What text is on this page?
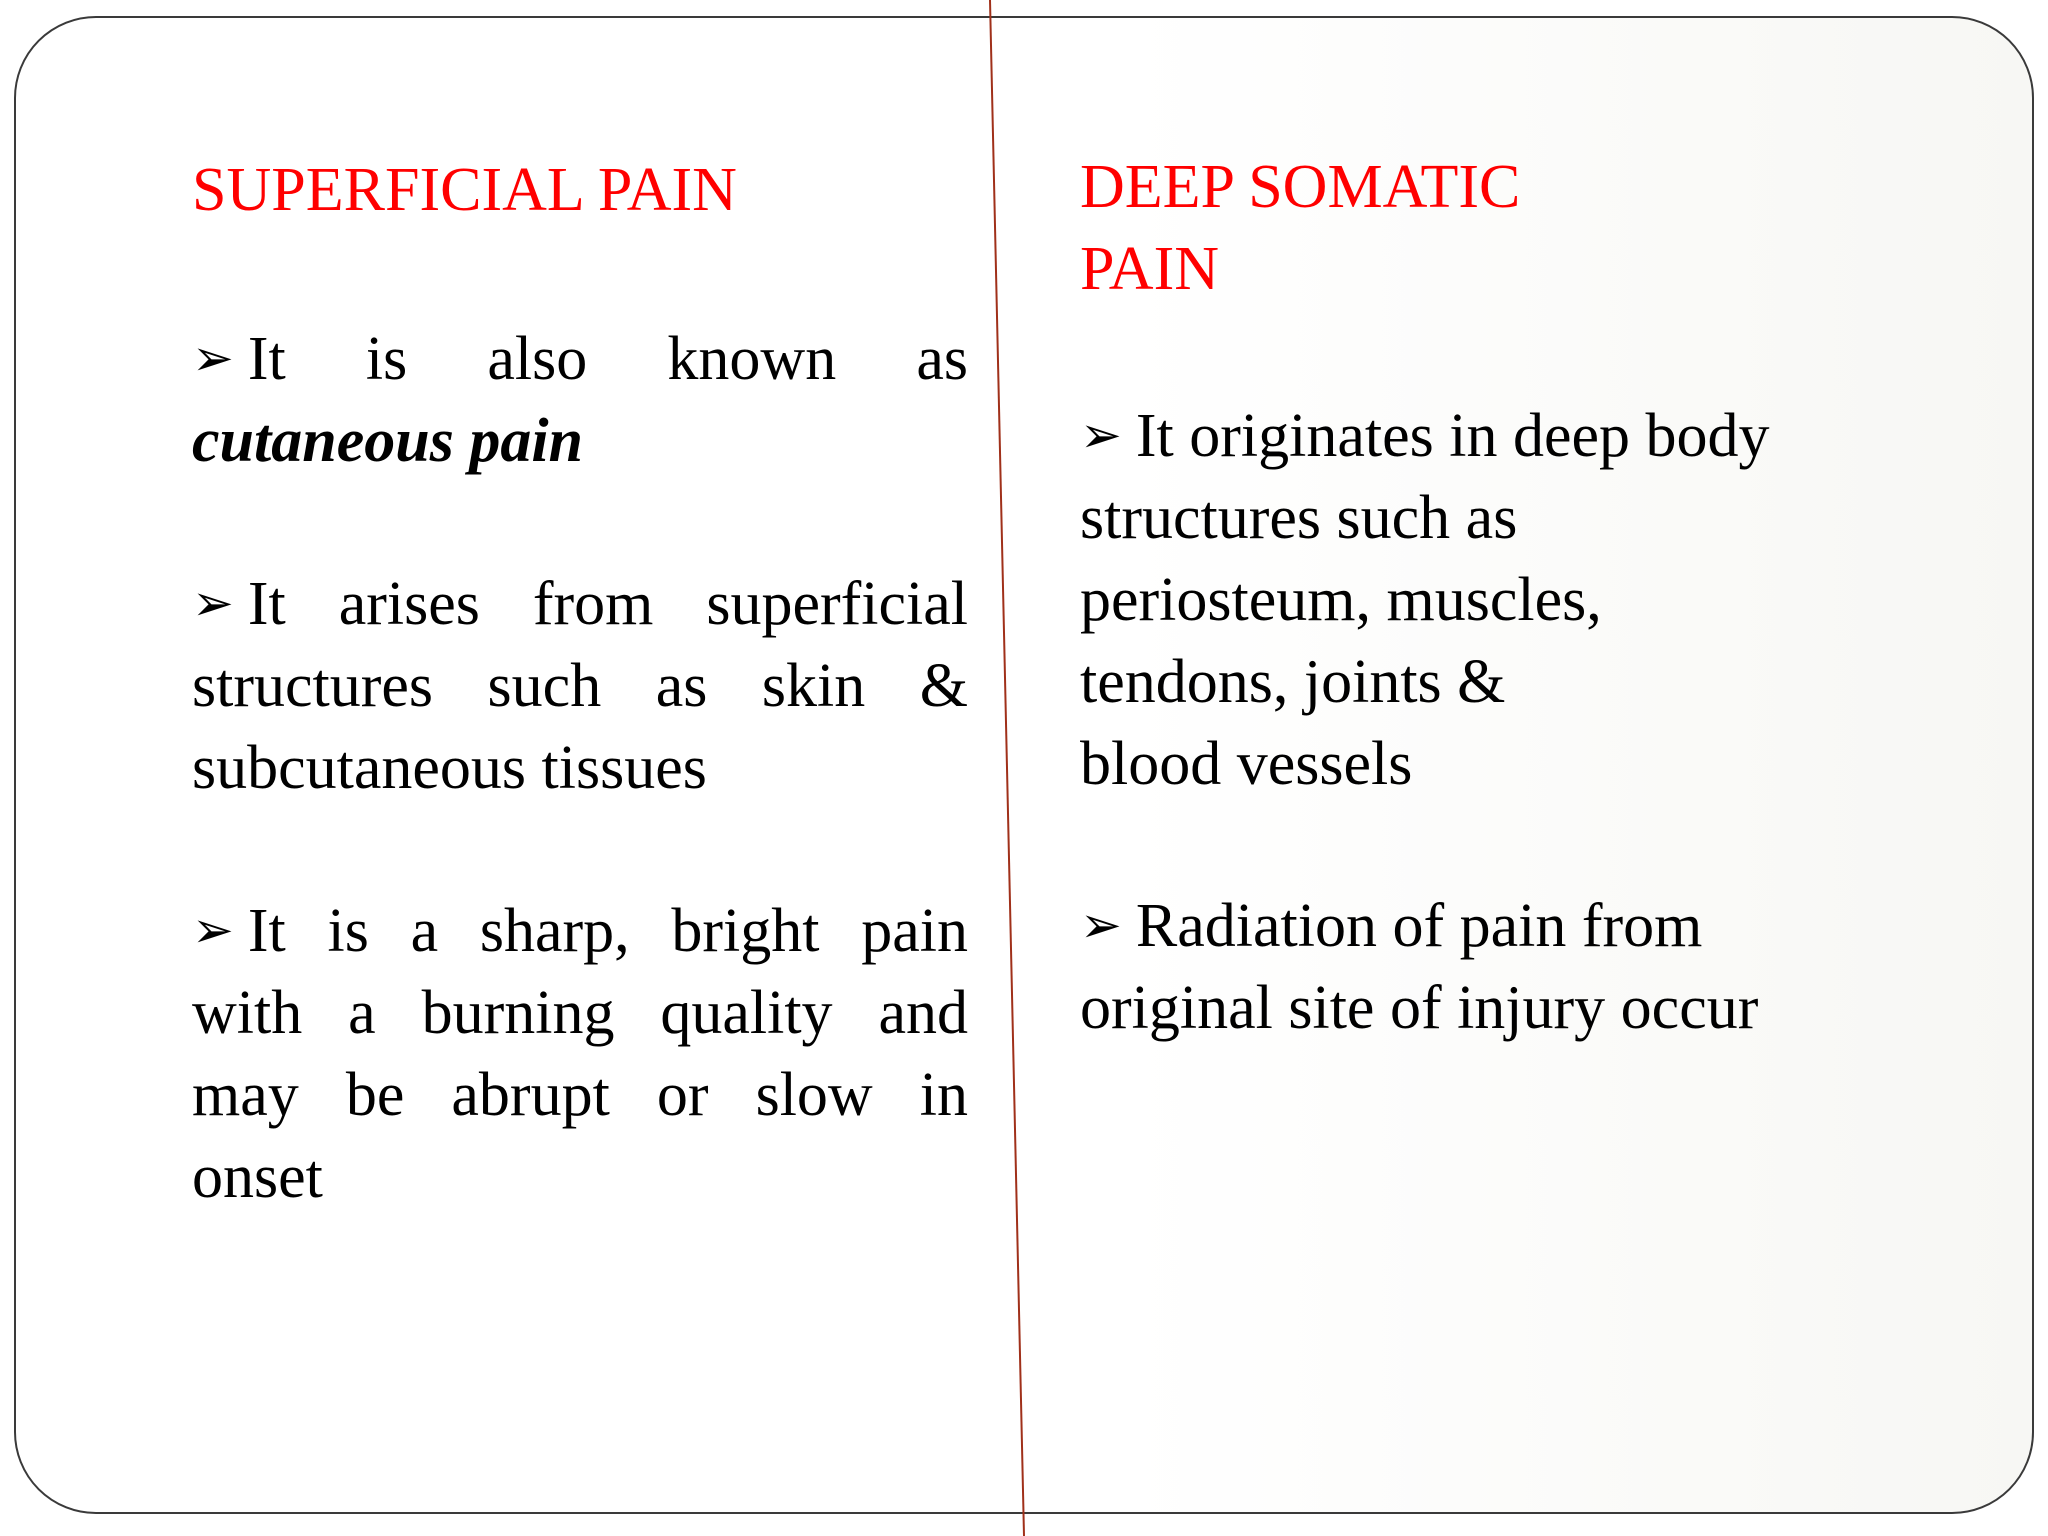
SUPERFICIAL PAIN
➢ It is also known as
cutaneous pain
➢ It arises from superficial
structures such as skin &
subcutaneous tissues
➢ It is a sharp, bright pain
with a burning quality and
may be abrupt or slow in
onset
DEEP SOMATIC
PAIN
➢ It originates in deep body
structures such as
periosteum, muscles,
tendons, joints &
blood vessels
➢ Radiation of pain from
original site of injury occur
